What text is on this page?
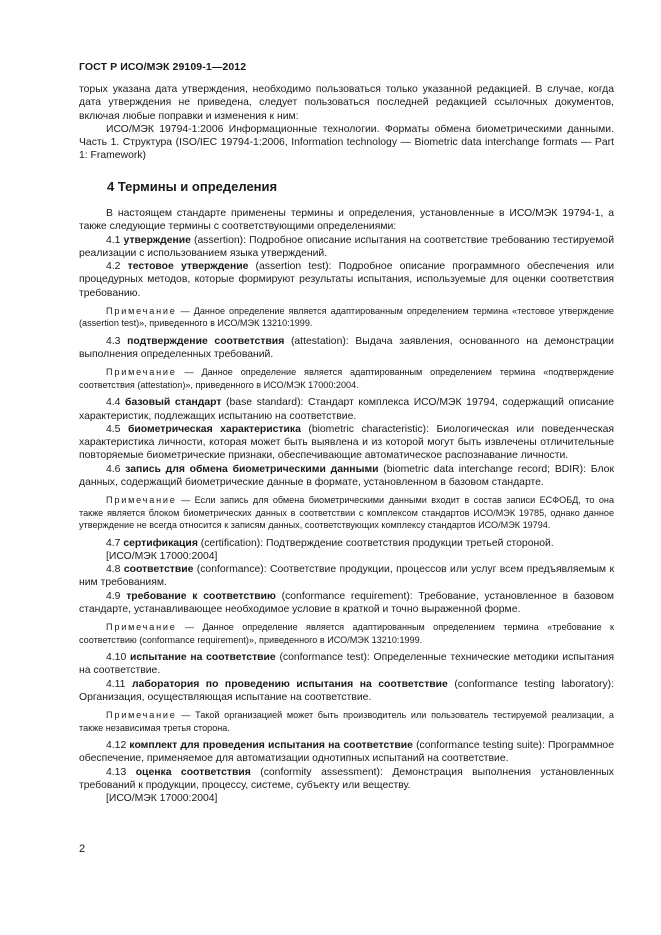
ГОСТ Р ИСО/МЭК 29109-1—2012

торых указана дата утверждения, необходимо пользоваться только указанной редакцией. В случае, когда дата утверждения не приведена, следует пользоваться последней редакцией ссылочных документов, включая любые поправки и изменения к ним:

ИСО/МЭК 19794-1:2006 Информационные технологии. Форматы обмена биометрическими данными. Часть 1. Структура (ISO/IEC 19794-1:2006, Information technology — Biometric data interchange formats — Part 1: Framework)

4 Термины и определения

В настоящем стандарте применены термины и определения, установленные в ИСО/МЭК 19794-1, а также следующие термины с соответствующими определениями:

4.1 утверждение (assertion): Подробное описание испытания на соответствие требованию тестируемой реализации с использованием языка утверждений.

4.2 тестовое утверждение (assertion test): Подробное описание программного обеспечения или процедурных методов, которые формируют результаты испытания, используемые для оценки соответствия требованию.

Примечание — Данное определение является адаптированным определением термина «тестовое утверждение (assertion test)», приведенного в ИСО/МЭК 13210:1999.

4.3 подтверждение соответствия (attestation): Выдача заявления, основанного на демонстрации выполнения определенных требований.

Примечание — Данное определение является адаптированным определением термина «подтверждение соответствия (attestation)», приведенного в ИСО/МЭК 17000:2004.

4.4 базовый стандарт (base standard): Стандарт комплекса ИСО/МЭК 19794, содержащий описание характеристик, подлежащих испытанию на соответствие.

4.5 биометрическая характеристика (biometric characteristic): Биологическая или поведенческая характеристика личности, которая может быть выявлена и из которой могут быть извлечены отличительные повторяемые биометрические признаки, обеспечивающие автоматическое распознавание личности.

4.6 запись для обмена биометрическими данными (biometric data interchange record; BDIR): Блок данных, содержащий биометрические данные в формате, установленном в базовом стандарте.

Примечание — Если запись для обмена биометрическими данными входит в состав записи ЕСФОБД, то она также является блоком биометрических данных в соответствии с комплексом стандартов ИСО/МЭК 19785, однако данное утверждение не всегда относится к записям данных, соответствующих комплексу стандартов ИСО/МЭК 19794.

4.7 сертификация (certification): Подтверждение соответствия продукции третьей стороной.

[ИСО/МЭК 17000:2004]

4.8 соответствие (conformance): Соответствие продукции, процессов или услуг всем предъявляемым к ним требованиям.

4.9 требование к соответствию (conformance requirement): Требование, установленное в базовом стандарте, устанавливающее необходимое условие в краткой и точно выраженной форме.

Примечание — Данное определение является адаптированным определением термина «требование к соответствию (conformance requirement)», приведенного в ИСО/МЭК 13210:1999.

4.10 испытание на соответствие (conformance test): Определенные технические методики испытания на соответствие.

4.11 лаборатория по проведению испытания на соответствие (conformance testing laboratory): Организация, осуществляющая испытание на соответствие.

Примечание — Такой организацией может быть производитель или пользователь тестируемой реализации, а также независимая третья сторона.

4.12 комплект для проведения испытания на соответствие (conformance testing suite): Программное обеспечение, применяемое для автоматизации однотипных испытаний на соответствие.

4.13 оценка соответствия (conformity assessment): Демонстрация выполнения установленных требований к продукции, процессу, системе, субъекту или веществу.

[ИСО/МЭК 17000:2004]

2
